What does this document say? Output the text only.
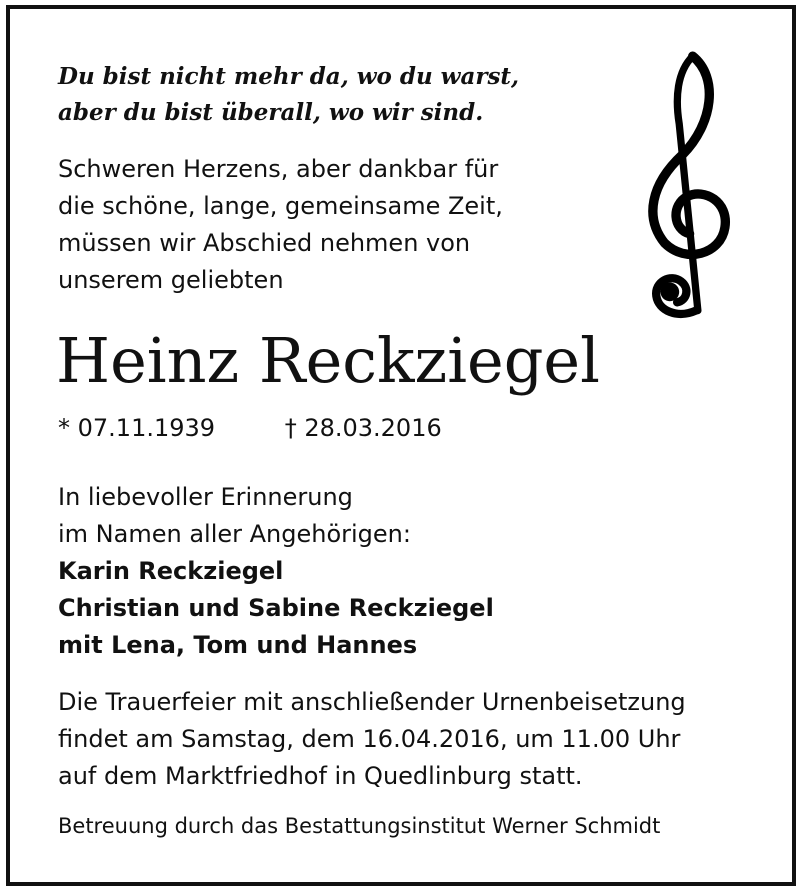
Du bist nicht mehr da, wo du warst,
aber du bist überall, wo wir sind.
Schweren Herzens, aber dankbar für
die schöne, lange, gemeinsame Zeit,
müssen wir Abschied nehmen von
unserem geliebten
Heinz Reckziegel
* 07.11.1939	† 28.03.2016
In liebevoller Erinnerung
im Namen aller Angehörigen:
Karin Reckziegel
Christian und Sabine Reckziegel
mit Lena, Tom und Hannes
Die Trauerfeier mit anschließender Urnenbeisetzung
findet am Samstag, dem 16.04.2016, um 11.00 Uhr
auf dem Marktfriedhof in Quedlinburg statt.
Betreuung durch das Bestattungsinstitut Werner Schmidt
